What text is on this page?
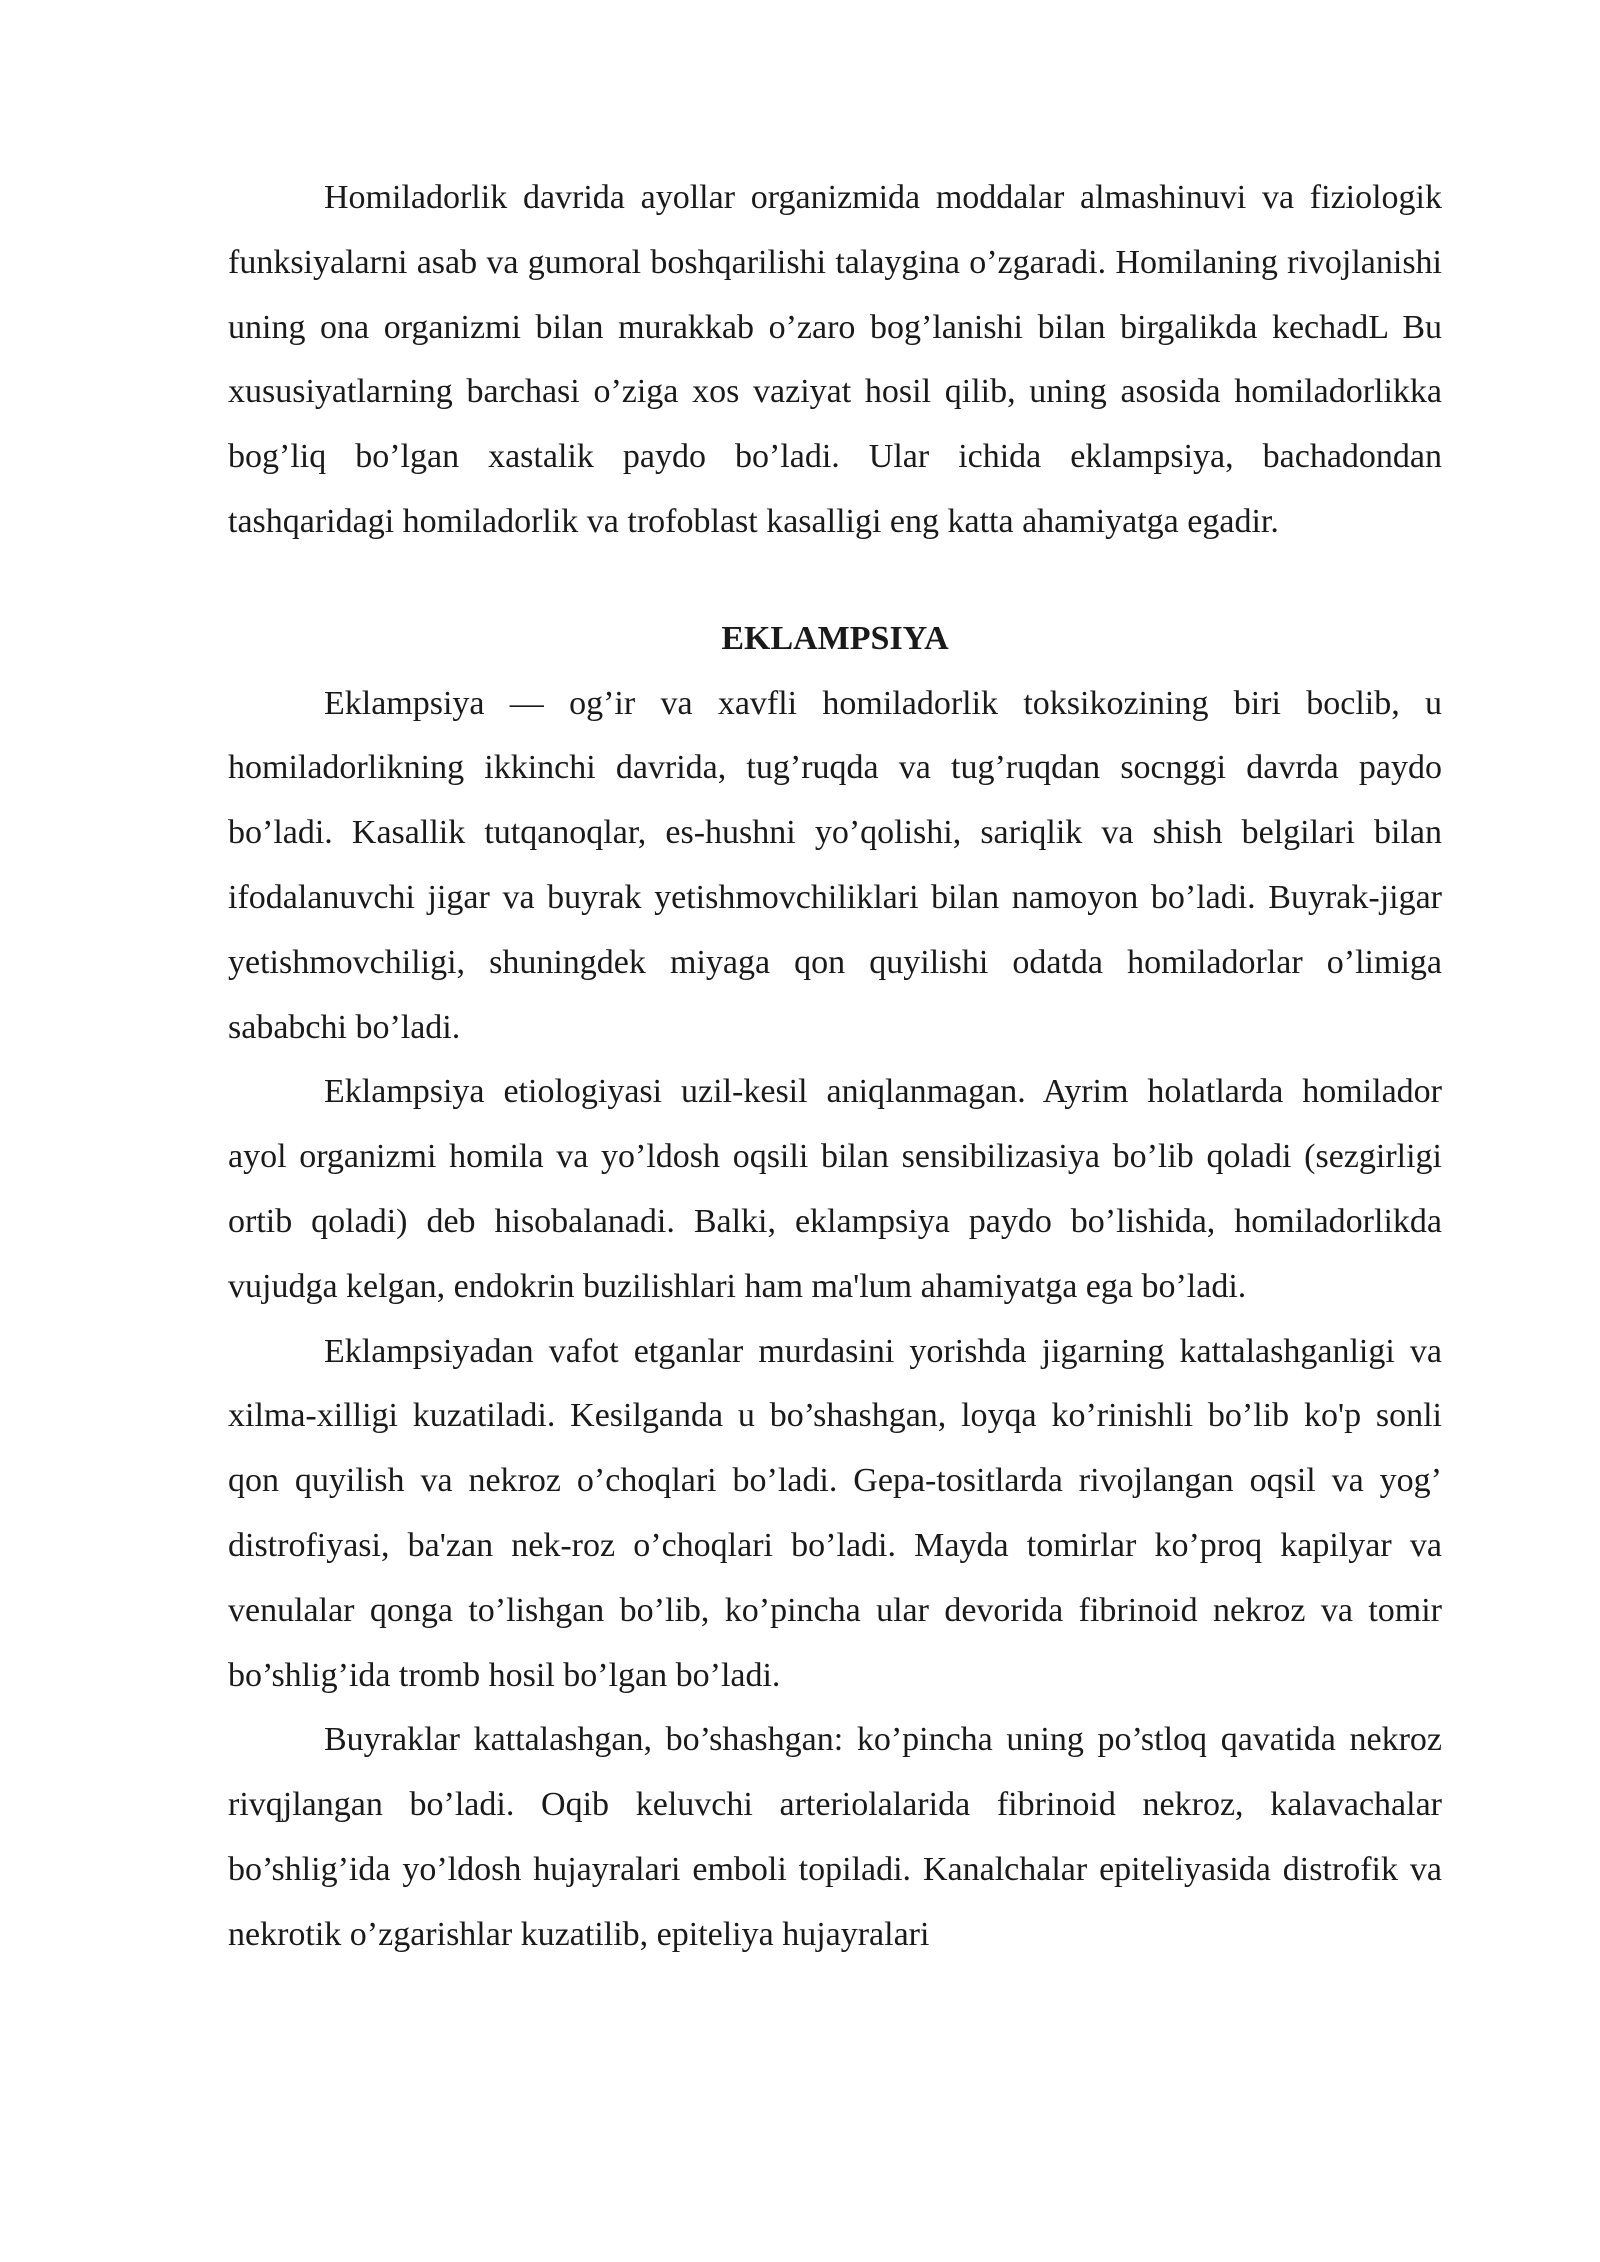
Homiladorlik davrida ayollar organizmida moddalar almashinuvi va fiziologik funksiyalarni asab va gumoral boshqarilishi talaygina o’zgaradi. Homilaning rivojlanishi uning ona organizmi bilan murakkab o’zaro bog’lanishi bilan birgalikda kechadL Bu xususiyatlarning barchasi o’ziga xos vaziyat hosil qilib, uning asosida homiladorlikka bog’liq bo’lgan xastalik paydo bo’ladi. Ular ichida eklampsiya, bachadondan tashqaridagi homiladorlik va trofoblast kasalligi eng katta ahamiyatga egadir.

EKLAMPSIYA

Eklampsiya — og’ir va xavfli homiladorlik toksikozining biri boclib, u homiladorlikning ikkinchi davrida, tug’ruqda va tug’ruqdan socnggi davrda paydo bo’ladi. Kasallik tutqanoqlar, es-hushni yo’qolishi, sariqlik va shish belgilari bilan ifodalanuvchi jigar va buyrak yetishmovchiliklari bilan namoyon bo’ladi. Buyrak-jigar yetishmovchiligi, shuningdek miyaga qon quyilishi odatda homiladorlar o’limiga sababchi bo’ladi.

Eklampsiya etiologiyasi uzil-kesil aniqlanmagan. Ayrim holatlarda homilador ayol organizmi homila va yo’ldosh oqsili bilan sensibilizasiya bo’lib qoladi (sezgirligi ortib qoladi) deb hisobalanadi. Balki, eklampsiya paydo bo’lishida, homiladorlikda vujudga kelgan, endokrin buzilishlari ham ma'lum ahamiyatga ega bo’ladi.

Eklampsiyadan vafot etganlar murdasini yorishda jigarning kattalashganligi va xilma-xilligi kuzatiladi. Kesilganda u bo’shashgan, loyqa ko’rinishli bo’lib ko'p sonli qon quyilish va nekroz o’choqlari bo’ladi. Gepa-tositlarda rivojlangan oqsil va yog’ distrofiyasi, ba'zan nek-roz o’choqlari bo’ladi. Mayda tomirlar ko’proq kapilyar va venulalar qonga to’lishgan bo’lib, ko’pincha ular devorida fibrinoid nekroz va tomir bo’shlig’ida tromb hosil bo’lgan bo’ladi.

Buyraklar kattalashgan, bo’shashgan: ko’pincha uning po’stloq qavatida nekroz rivqjlangan bo’ladi. Oqib keluvchi arteriolalarida fibrinoid nekroz, kalavachalar bo’shlig’ida yo’ldosh hujayralari emboli topiladi. Kanalchalar epiteliyasida distrofik va nekrotik o’zgarishlar kuzatilib, epiteliya hujayralari
